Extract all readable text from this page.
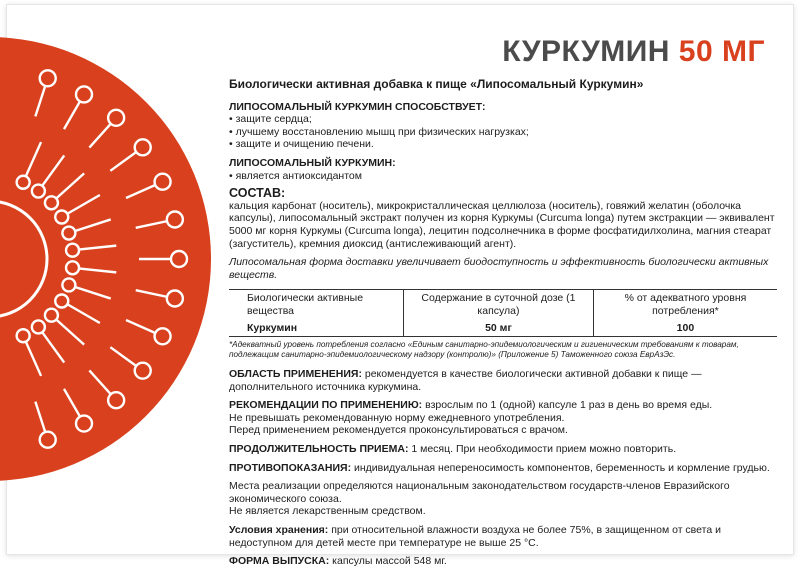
КУРКУМИН 50 МГ

Биологически активная добавка к пище «Липосомальный Куркумин»

ЛИПОСОМАЛЬНЫЙ КУРКУМИН СПОСОБСТВУЕТ:

• защите сердца;
• лучшему восстановлению мышц при физических нагрузках;
• защите и очищению печени.

ЛИПОСОМАЛЬНЫЙ КУРКУМИН:

• является антиоксидантом

СОСТАВ:

кальция карбонат (носитель), микрокристаллическая целлюлоза (носитель), говяжий желатин (оболочка капсулы), липосомальный экстракт получен из корня Куркумы (Curcuma longa) путем экстракции — эквивалент 5000 мг корня Куркумы (Curcuma longa), лецитин подсолнечника в форме фосфатидилхолина, магния стеарат (загуститель), кремния диоксид (антислеживающий агент).

Липосомальная форма доставки увеличивает биодоступность и эффективность биологически активных веществ.

Биологически активные вещества	Содержание в суточной дозе (1 капсула)	% от адекватного уровня потребления*
Куркумин	50 мг	100

*Адекватный уровень потребления согласно «Единым санитарно-эпидемиологическим и гигиеническим требованиям к товарам, подлежащим санитарно-эпидемиологическому надзору (контролю)» (Приложение 5) Таможенного союза ЕврАзЭс.

ОБЛАСТЬ ПРИМЕНЕНИЯ: рекомендуется в качестве биологически активной добавки к пище — дополнительного источника куркумина.

РЕКОМЕНДАЦИИ ПО ПРИМЕНЕНИЮ: взрослым по 1 (одной) капсуле 1 раз в день во время еды.

Не превышать рекомендованную норму ежедневного употребления.

Перед применением рекомендуется проконсультироваться с врачом.

ПРОДОЛЖИТЕЛЬНОСТЬ ПРИЕМА: 1 месяц. При необходимости прием можно повторить.

ПРОТИВОПОКАЗАНИЯ: индивидуальная непереносимость компонентов, беременность и кормление грудью.

Места реализации определяются национальным законодательством государств-членов Евразийского экономического союза.

Не является лекарственным средством.

Условия хранения: при относительной влажности воздуха не более 75%, в защищенном от света и недоступном для детей месте при температуре не выше 25 °С.

ФОРМА ВЫПУСКА: капсулы массой 548 мг.
